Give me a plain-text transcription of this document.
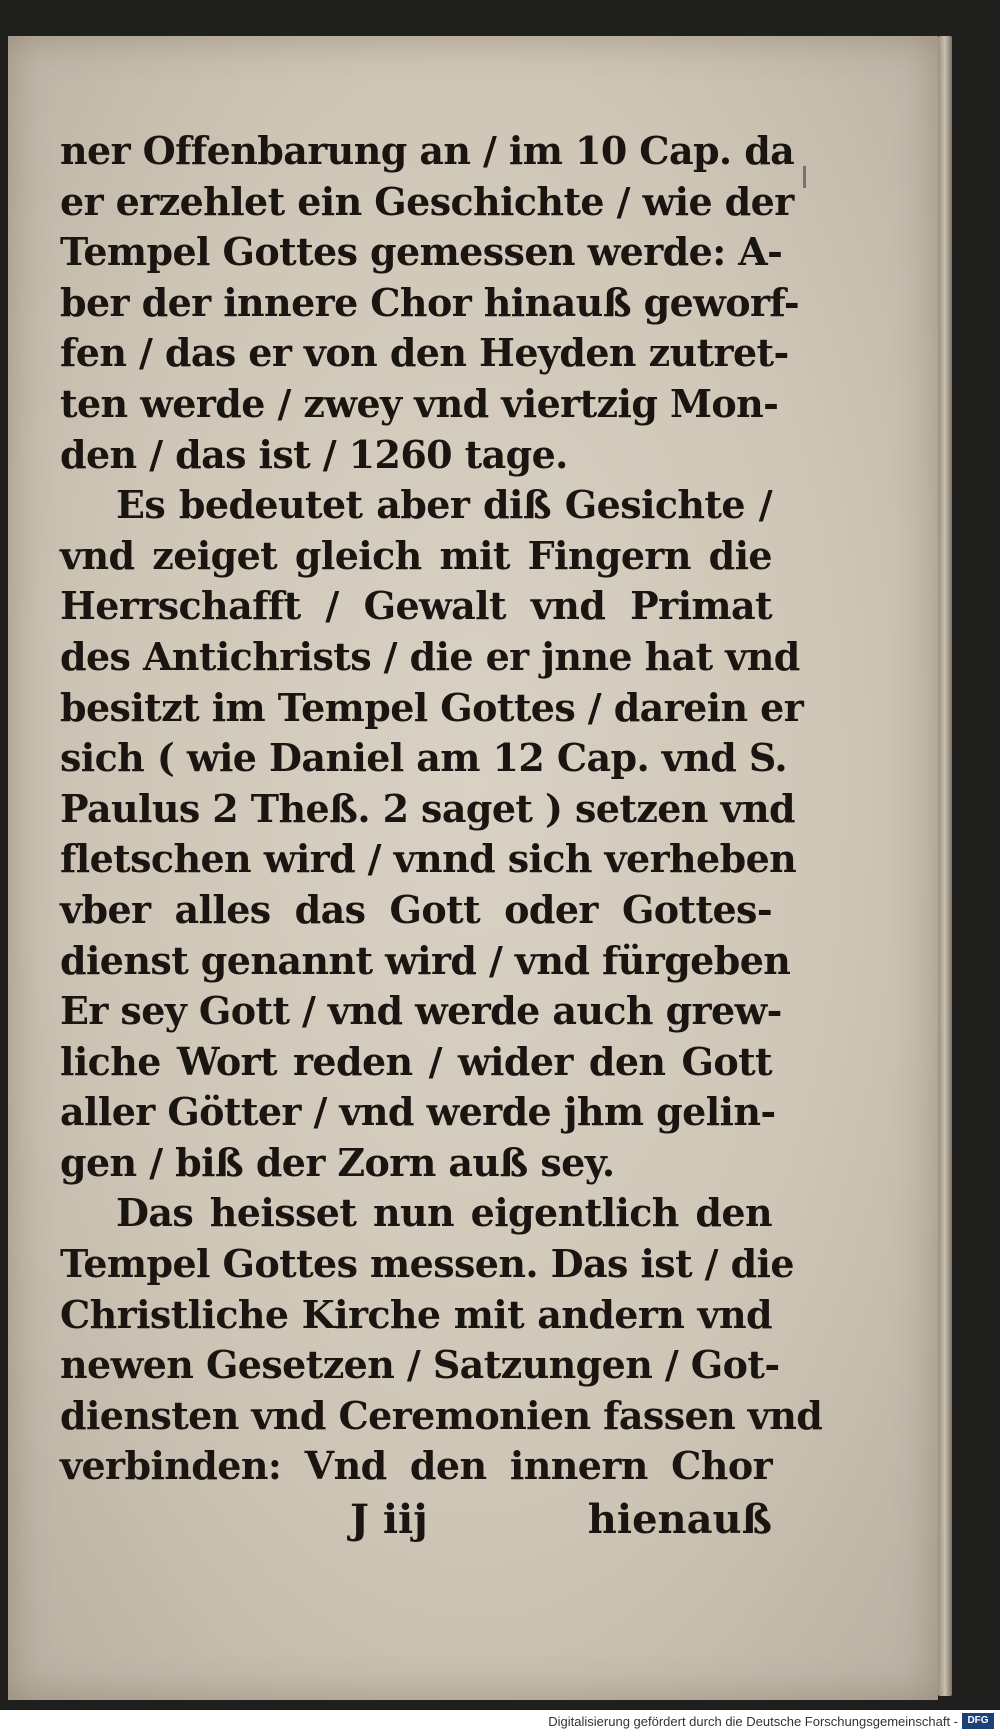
ner Offenbarung an / im 10 Cap. da
er erzehlet ein Geschichte / wie der
Tempel Gottes gemessen werde: A-
ber der innere Chor hinauß geworf-
fen / das er von den Heyden zutret-
ten werde / zwey vnd viertzig Mon-
den / das ist / 1260 tage.
Es bedeutet aber diß Gesichte /
vnd zeiget gleich mit Fingern die
Herrschafft / Gewalt vnd Primat
des Antichrists / die er jnne hat vnd
besitzt im Tempel Gottes / darein er
sich ( wie Daniel am 12 Cap. vnd S.
Paulus 2 Theß. 2 saget ) setzen vnd
fletschen wird / vnnd sich verheben
vber alles das Gott oder Gottes-
dienst genannt wird / vnd fürgeben
Er sey Gott / vnd werde auch grew-
liche Wort reden / wider den Gott
aller Götter / vnd werde jhm gelin-
gen / biß der Zorn auß sey.
Das heisset nun eigentlich den
Tempel Gottes messen. Das ist / die
Christliche Kirche mit andern vnd
newen Gesetzen / Satzungen / Got-
diensten vnd Ceremonien fassen vnd
verbinden: Vnd den innern Chor
J iij	hienauß
Digitalisierung gefördert durch die Deutsche Forschungsgemeinschaft - DFG
